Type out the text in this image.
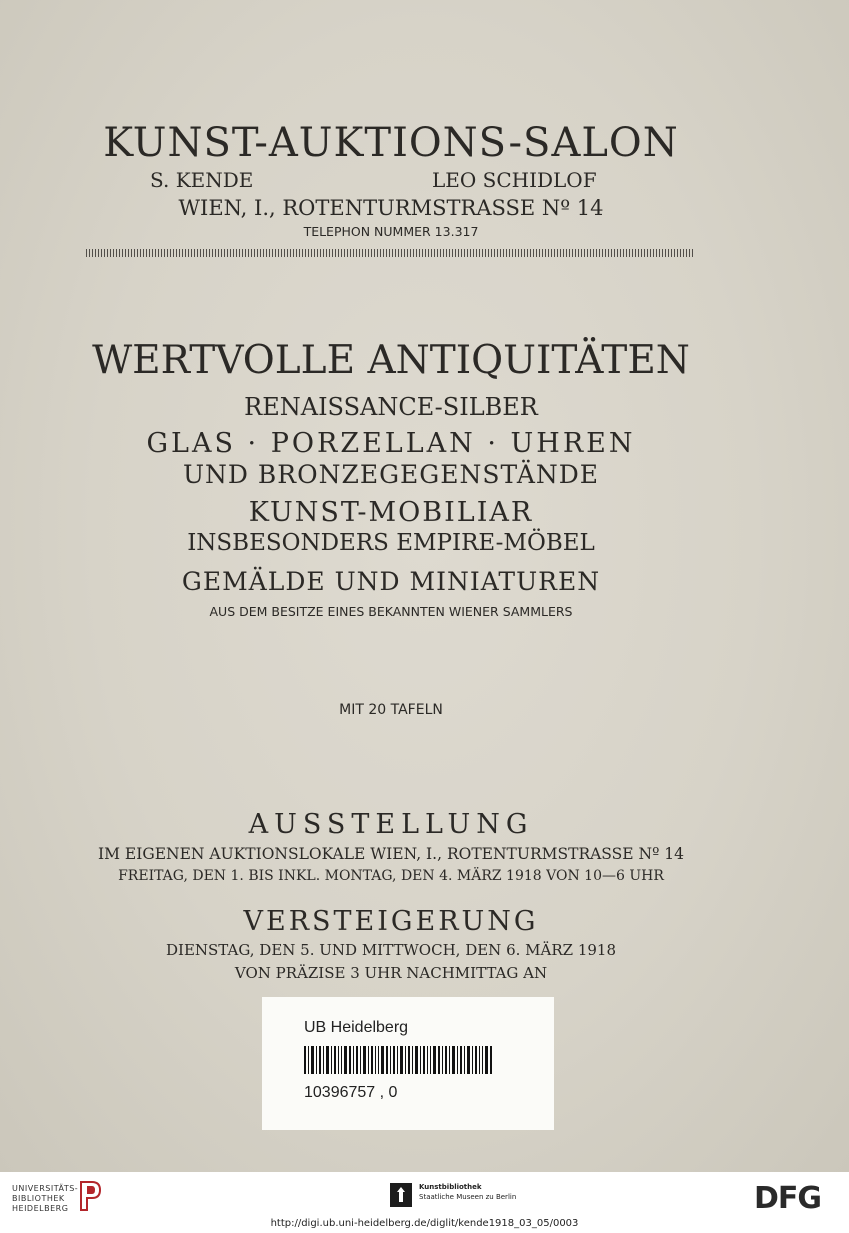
KUNST-AUKTIONS-SALON
S. KENDE	LEO SCHIDLOF
WIEN, I., ROTENTURMSTRASSE Nº 14
TELEPHON NUMMER 13.317
WERTVOLLE ANTIQUITÄTEN
RENAISSANCE-SILBER
GLAS · PORZELLAN · UHREN
UND BRONZEGEGENSTÄNDE
KUNST-MOBILIAR
INSBESONDERS EMPIRE-MÖBEL
GEMÄLDE UND MINIATUREN
AUS DEM BESITZE EINES BEKANNTEN WIENER SAMMLERS
MIT 20 TAFELN
AUSSTELLUNG
IM EIGENEN AUKTIONSLOKALE WIEN, I., ROTENTURMSTRASSE Nº 14
FREITAG, DEN 1. BIS INKL. MONTAG, DEN 4. MÄRZ 1918 VON 10—6 UHR
VERSTEIGERUNG
DIENSTAG, DEN 5. UND MITTWOCH, DEN 6. MÄRZ 1918
VON PRÄZISE 3 UHR NACHMITTAG AN
UB Heidelberg
10396757 , 0
UNIVERSITÄTS-
BIBLIOTHEK
HEIDELBERG
Kunstbibliothek
Staatliche Museen zu Berlin	DFG
http://digi.ub.uni-heidelberg.de/diglit/kende1918_03_05/0003
